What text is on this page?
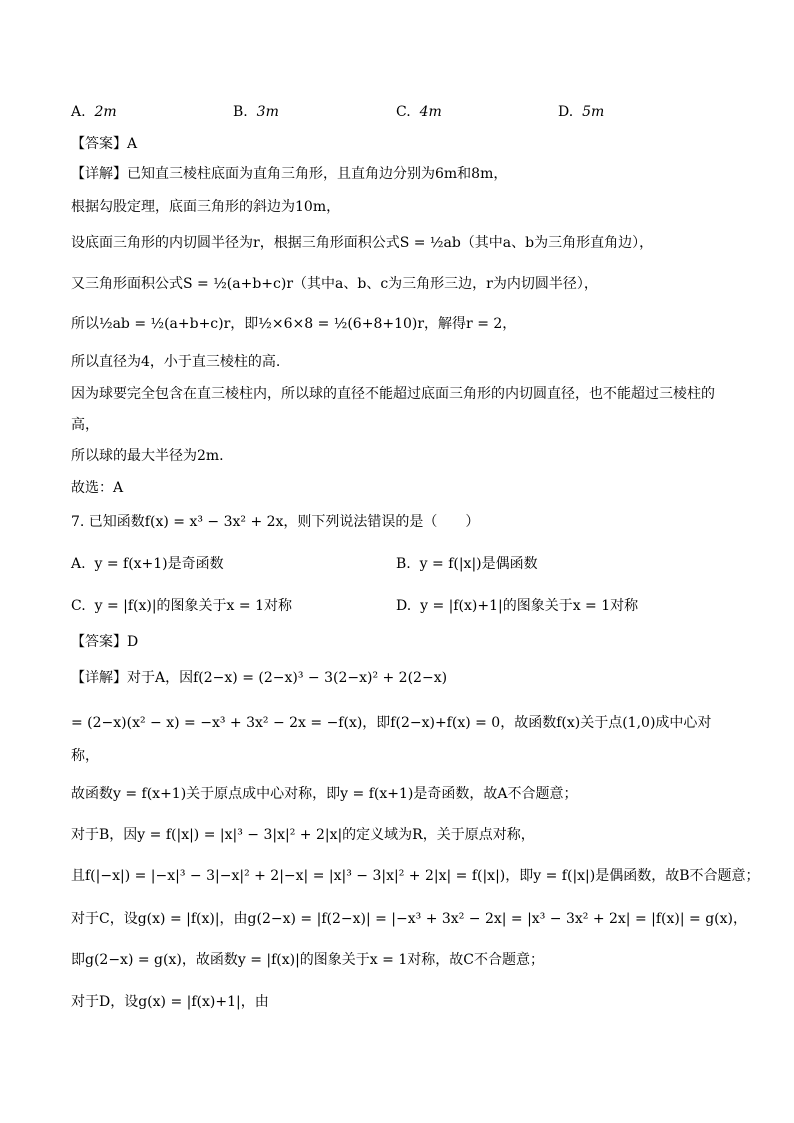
A. 2m	B. 3m	C. 4m	D. 5m
【答案】A
【详解】已知直三棱柱底面为直角三角形，且直角边分别为6m和8m，
根据勾股定理，底面三角形的斜边为10m，
设底面三角形的内切圆半径为r，根据三角形面积公式S = ½ab（其中a、b为三角形直角边），
又三角形面积公式S = ½(a+b+c)r（其中a、b、c为三角形三边，r为内切圆半径），
所以½ab = ½(a+b+c)r，即½×6×8 = ½(6+8+10)r，解得r = 2，
所以直径为4，小于直三棱柱的高.
因为球要完全包含在直三棱柱内，所以球的直径不能超过底面三角形的内切圆直径，也不能超过三棱柱的
高，
所以球的最大半径为2m.
故选：A
7. 已知函数f(x) = x³ − 3x² + 2x，则下列说法错误的是（　　）
A. y = f(x+1)是奇函数	B. y = f(|x|)是偶函数
C. y = |f(x)|的图象关于x = 1对称	D. y = |f(x)+1|的图象关于x = 1对称
【答案】D
【详解】对于A，因f(2−x) = (2−x)³ − 3(2−x)² + 2(2−x)
= (2−x)(x² − x) = −x³ + 3x² − 2x = −f(x)，即f(2−x)+f(x) = 0，故函数f(x)关于点(1,0)成中心对
称，
故函数y = f(x+1)关于原点成中心对称，即y = f(x+1)是奇函数，故A不合题意；
对于B，因y = f(|x|) = |x|³ − 3|x|² + 2|x|的定义域为R，关于原点对称，
且f(|−x|) = |−x|³ − 3|−x|² + 2|−x| = |x|³ − 3|x|² + 2|x| = f(|x|)，即y = f(|x|)是偶函数，故B不合题意；
对于C，设g(x) = |f(x)|，由g(2−x) = |f(2−x)| = |−x³ + 3x² − 2x| = |x³ − 3x² + 2x| = |f(x)| = g(x)，
即g(2−x) = g(x)，故函数y = |f(x)|的图象关于x = 1对称，故C不合题意；
对于D，设g(x) = |f(x)+1|，由
